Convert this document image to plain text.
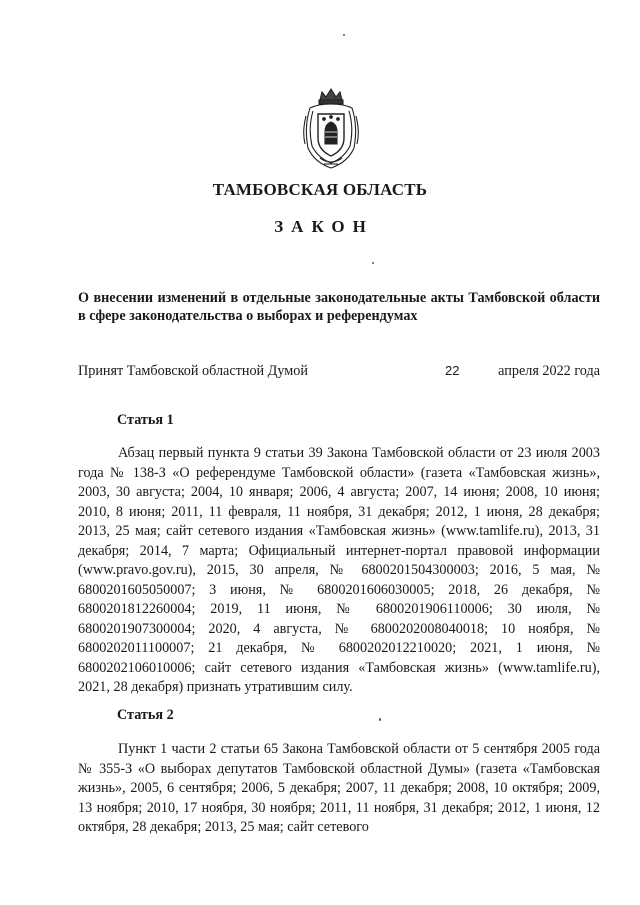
ТАМБОВСКАЯ ОБЛАСТЬ
ЗАКОН
О внесении изменений в отдельные законодательные акты Тамбовской области в сфере законодательства о выборах и референдумах
Принят Тамбовской областной Думой	22	апреля 2022 года
Статья 1
Абзац первый пункта 9 статьи 39 Закона Тамбовской области от 23 июля 2003 года № 138-З «О референдуме Тамбовской области» (газета «Тамбовская жизнь», 2003, 30 августа; 2004, 10 января; 2006, 4 августа; 2007, 14 июня; 2008, 10 июня; 2010, 8 июня; 2011, 11 февраля, 11 ноября, 31 декабря; 2012, 1 июня, 28 декабря; 2013, 25 мая; сайт сетевого издания «Тамбовская жизнь» (www.tamlife.ru), 2013, 31 декабря; 2014, 7 марта; Официальный интернет-портал правовой информации (www.pravo.gov.ru), 2015, 30 апреля, № 6800201504300003; 2016, 5 мая, № 6800201605050007; 3 июня, № 6800201606030005; 2018, 26 декабря, № 6800201812260004; 2019, 11 июня, № 6800201906110006; 30 июля, № 6800201907300004; 2020, 4 августа, № 6800202008040018; 10 ноября, № 6800202011100007; 21 декабря, № 6800202012210020; 2021, 1 июня, № 6800202106010006; сайт сетевого издания «Тамбовская жизнь» (www.tamlife.ru), 2021, 28 декабря) признать утратившим силу.
Статья 2
Пункт 1 части 2 статьи 65 Закона Тамбовской области от 5 сентября 2005 года № 355-З «О выборах депутатов Тамбовской областной Думы» (газета «Тамбовская жизнь», 2005, 6 сентября; 2006, 5 декабря; 2007, 11 декабря; 2008, 10 октября; 2009, 13 ноября; 2010, 17 ноября, 30 ноября; 2011, 11 ноября, 31 декабря; 2012, 1 июня, 12 октября, 28 декабря; 2013, 25 мая; сайт сетевого
